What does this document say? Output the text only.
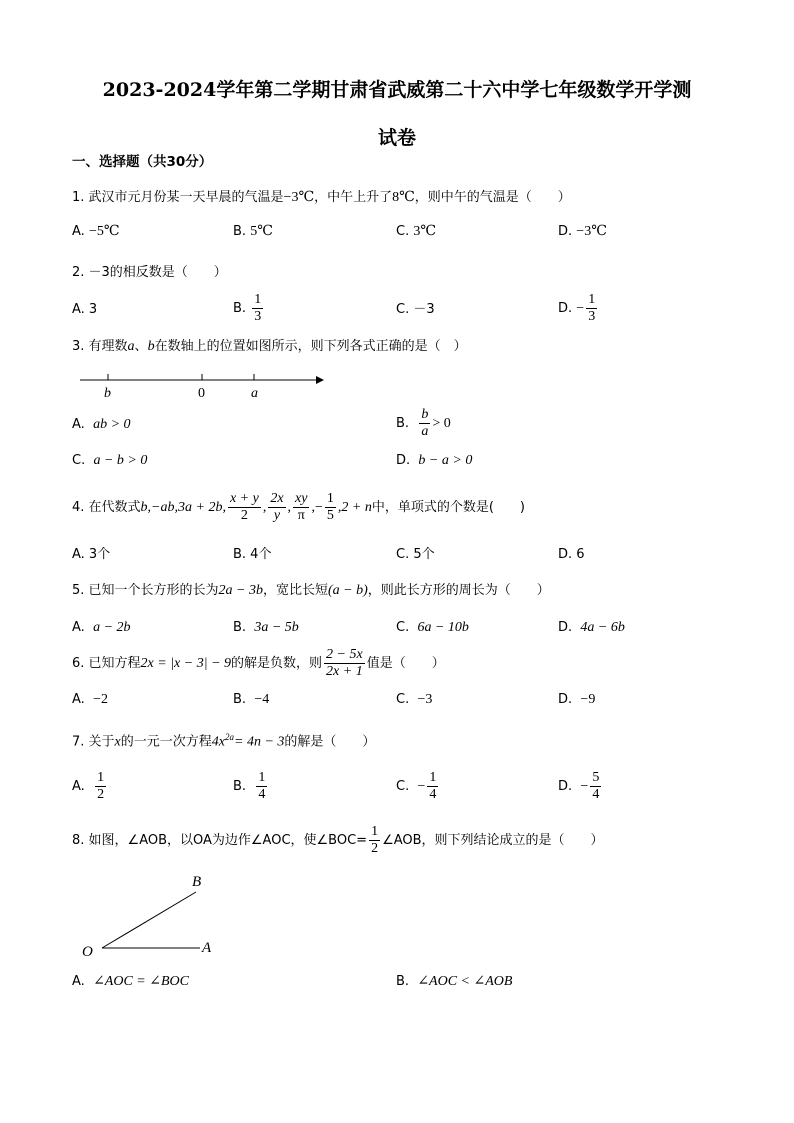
2023-2024学年第二学期甘肃省武威第二十六中学七年级数学开学测
试卷
一、选择题（共30分）
1. 武汉市元月份某一天早晨的气温是−3℃，中午上升了8℃，则中午的气温是（　　）
A. −5℃	B. 5℃	C. 3℃	D. −3℃
2. －3的相反数是（　　）
A. 3	B. $\frac{1}{3}$	C. －3	D. − $\frac{1}{3}$
3. 有理数a、b在数轴上的位置如图所示，则下列各式正确的是（　）
b	0	a
A. ab > 0	B. $\frac{b}{a} > 0$
C. a − b > 0	D. b − a > 0
4. 在代数式b,−ab,3a + 2b, $\frac{x + y}{2}$ , $\frac{2x}{y}$ , $\frac{xy}{\pi}$ ,− $\frac{1}{5} ,2 + n$中，单项式的个数是(　　)
A. 3个	B. 4个	C. 5个	D. 6
5. 已知一个长方形的长为2a − 3b，宽比长短(a − b)，则此长方形的周长为（　　）
A. a − 2b	B. 3a − 5b	C. 6a − 10b	D. 4a − 6b
6. 已知方程2x = |x − 3| − 9的解是负数，则 $\frac{2 - 5x}{2x + 1}$ 值是（　　）
A. −2	B. −4	C. −3	D. −9
7. 关于x的一元一次方程$4x^{2a}= 4n - 3$的解是（　　）
A. $\frac{1}{2}$	B. $\frac{1}{4}$	C. − $\frac{1}{4}$	D. − $\frac{5}{4}$
8. 如图，∠AOB，以OA为边作∠AOC，使∠BOC= $\frac{1}{2}$ ∠AOB，则下列结论成立的是（　　）
B
O	A
A. ∠AOC = ∠BOC	B. ∠AOC < ∠AOB
